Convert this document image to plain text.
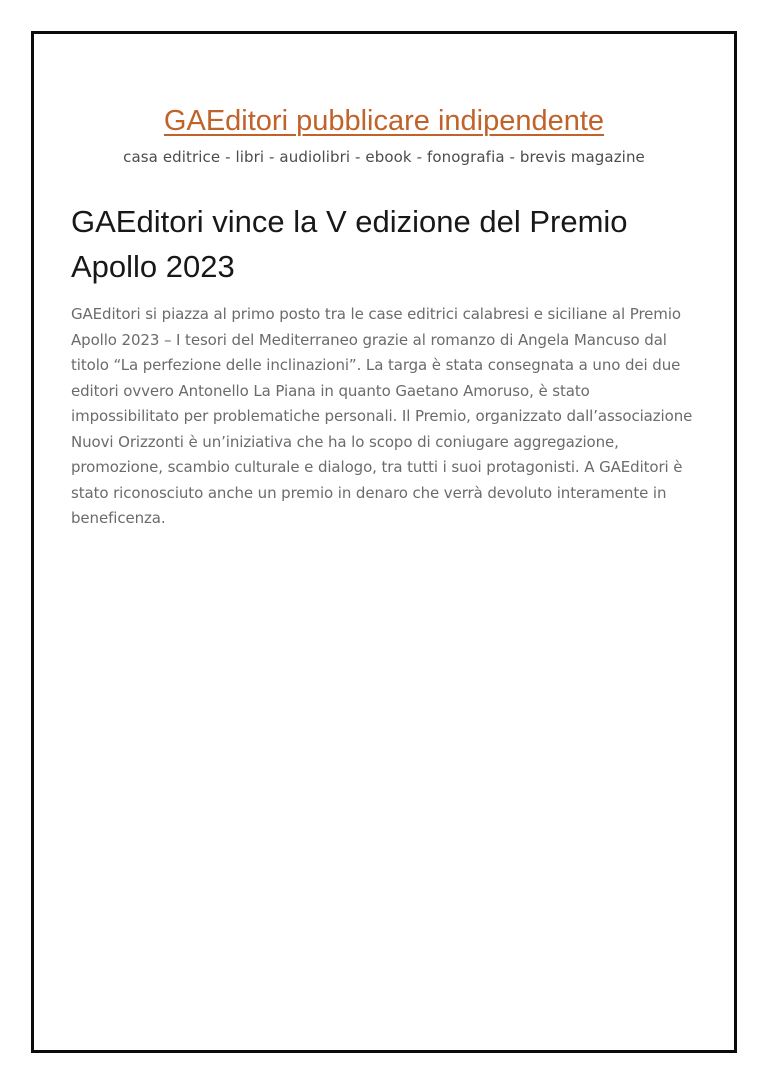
GAEditori pubblicare indipendente
casa editrice - libri - audiolibri - ebook - fonografia - brevis magazine
GAEditori vince la V edizione del Premio Apollo 2023

GAEditori si piazza al primo posto tra le case editrici calabresi e siciliane al Premio Apollo 2023 – I tesori del Mediterraneo grazie al romanzo di Angela Mancuso dal titolo “La perfezione delle inclinazioni”. La targa è stata consegnata a uno dei due editori ovvero Antonello La Piana in quanto Gaetano Amoruso, è stato impossibilitato per problematiche personali. Il Premio, organizzato dall’associazione Nuovi Orizzonti è un’iniziativa che ha lo scopo di coniugare aggregazione, promozione, scambio culturale e dialogo, tra tutti i suoi protagonisti. A GAEditori è stato riconosciuto anche un premio in denaro che verrà devoluto interamente in beneficenza.
